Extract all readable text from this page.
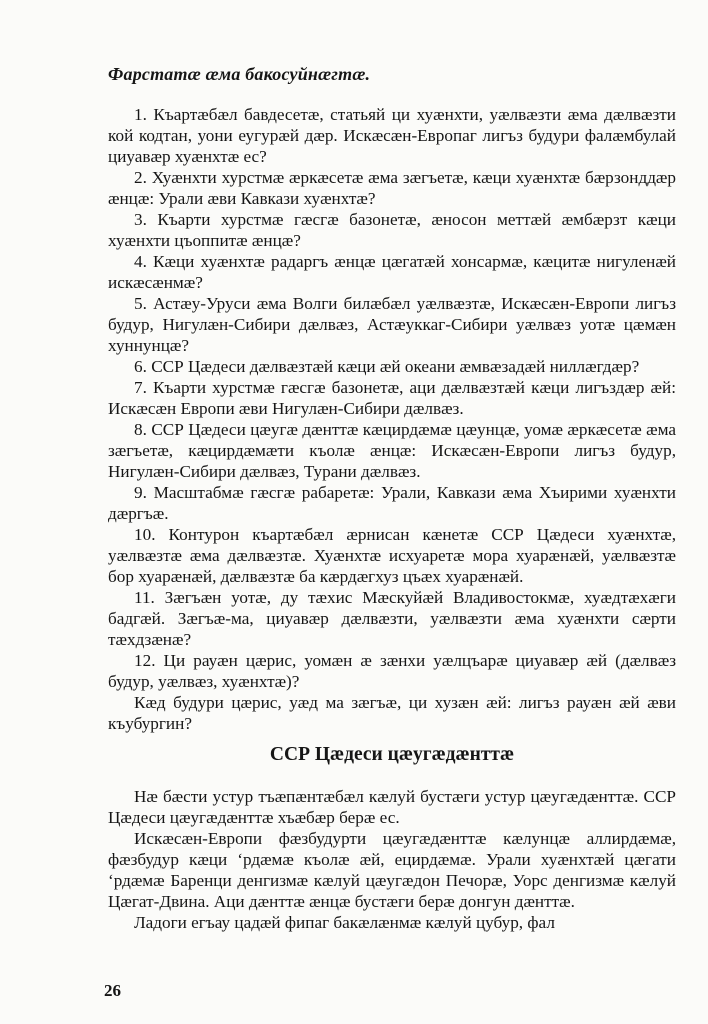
Фарстатæ æма бакосуйнæгтæ.

1. Къартæбæл бавдесетæ, статьяй ци хуæнхти, уæлвæзти æма дæлвæзти кой кодтан, уони еугурæй дæр. Искæсæн-Европаг лигъз будури фалæмбулай циуавæр хуæнхтæ ес?

2. Хуæнхти хурстмæ æркæсетæ æма зæгъетæ, кæци хуæнхтæ бæрзонддæр æнцæ: Урали æви Кавкази хуæнхтæ?

3. Къарти хурстмæ гæсгæ базонетæ, æносон меттæй æмбæрзт кæци хуæнхти цъоппитæ æнцæ?

4. Кæци хуæнхтæ радаргъ æнцæ цæгатæй хонсармæ, кæцитæ нигуленæй искæсæнмæ?

5. Астæу-Уруси æма Волги билæбæл уæлвæзтæ, Искæсæн-Европи лигъз будур, Нигулæн-Сибири дæлвæз, Астæуккаг-Сибири уæлвæз уотæ цæмæн хуннунцæ?

6. ССР Цæдеси дæлвæзтæй кæци æй океани æмвæзадæй ниллæгдæр?

7. Къарти хурстмæ гæсгæ базонетæ, аци дæлвæзтæй кæци лигъздæр æй: Искæсæн Европи æви Нигулæн-Сибири дæлвæз.

8. ССР Цæдеси цæугæ дæнттæ кæцирдæмæ цæунцæ, уомæ æркæсетæ æма зæгъетæ, кæцирдæмæти къолæ æнцæ: Искæсæн-Европи лигъз будур, Нигулæн-Сибири дæлвæз, Турани дæлвæз.

9. Масштабмæ гæсгæ рабаретæ: Урали, Кавкази æма Хъирими хуæнхти дæргъæ.

10. Контурон къартæбæл æрнисан кæнетæ ССР Цæдеси хуæнхтæ, уæлвæзтæ æма дæлвæзтæ. Хуæнхтæ исхуаретæ мора хуарæнæй, уæлвæзтæ бор хуарæнæй, дæлвæзтæ ба кæрдæгхуз цъæх хуарæнæй.

11. Зæгъæн уотæ, ду тæхис Мæскуйæй Владивостокмæ, хуæдтæхæги бадгæй. Зæгъæ-ма, циуавæр дæлвæзти, уæлвæзти æма хуæнхти сæрти тæхдзæнæ?

12. Ци рауæн цæрис, уомæн æ зæнхи уæлцъарæ циуавæр æй (дæлвæз будур, уæлвæз, хуæнхтæ)?

Кæд будури цæрис, уæд ма зæгъæ, ци хузæн æй: лигъз рауæн æй æви къубургин?

ССР Цæдеси цæугæдæнттæ

Нæ бæсти устур тъæпæнтæбæл кæлуй бустæги устур цæугæдæнттæ. ССР Цæдеси цæугæдæнттæ хъæбæр берæ ес.

Искæсæн-Европи фæзбудурти цæугæдæнттæ кæлунцæ аллирдæмæ, фæзбудур кæци ‘рдæмæ къолæ æй, ецирдæмæ. Урали хуæнхтæй цæгати ‘рдæмæ Баренци денгизмæ кæлуй цæугæдон Печорæ, Уорс денгизмæ кæлуй Цæгат-Двина. Аци дæнттæ æнцæ бустæги берæ донгун дæнттæ.

Ладоги егъау цадæй фипаг бакæлæнмæ кæлуй цубур, фал

26
